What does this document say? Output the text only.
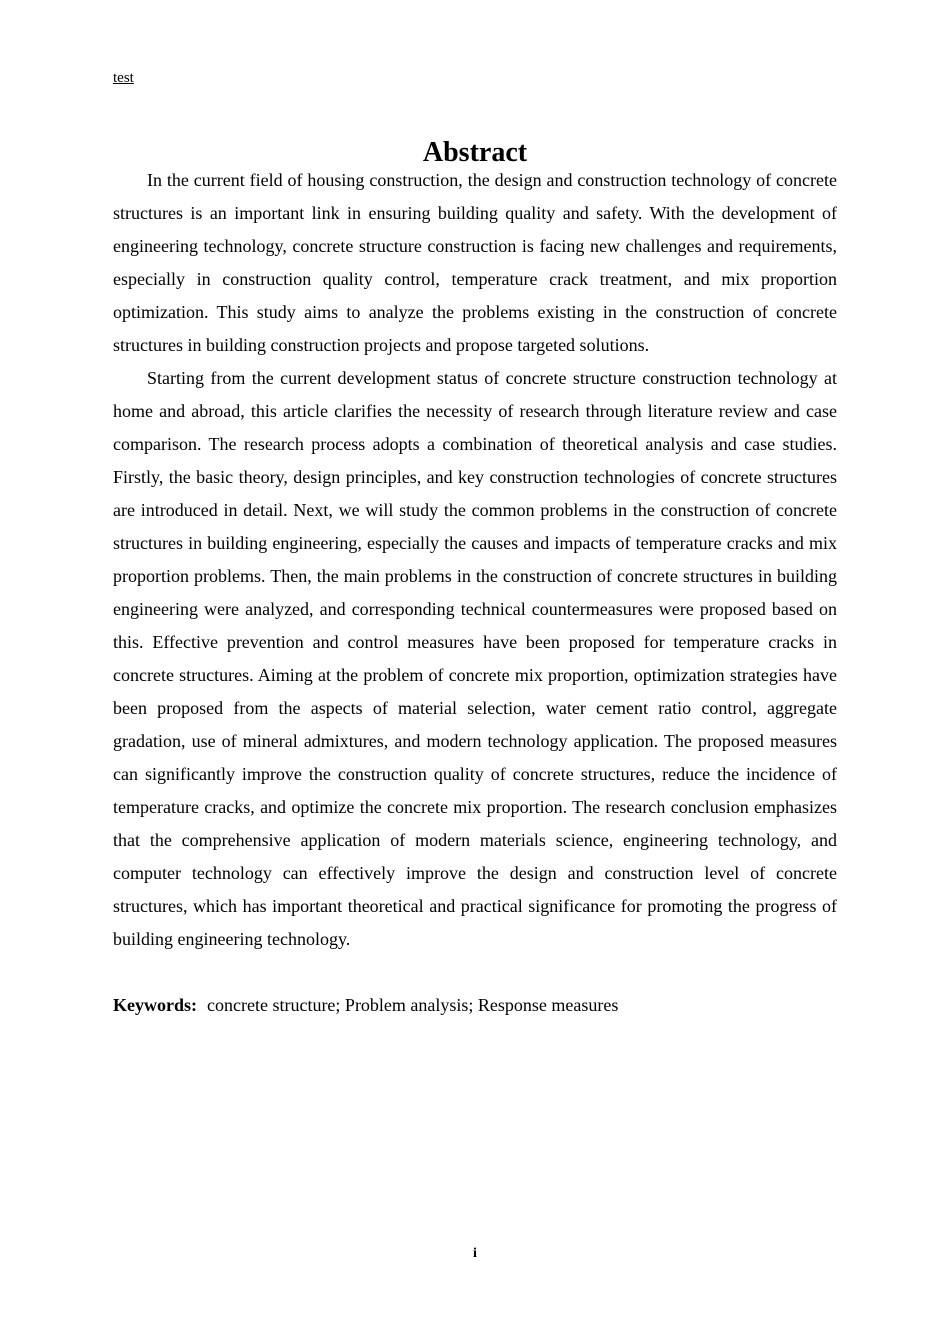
test
Abstract

In the current field of housing construction, the design and construction technology of concrete structures is an important link in ensuring building quality and safety. With the development of engineering technology, concrete structure construction is facing new challenges and requirements, especially in construction quality control, temperature crack treatment, and mix proportion optimization. This study aims to analyze the problems existing in the construction of concrete structures in building construction projects and propose targeted solutions.

Starting from the current development status of concrete structure construction technology at home and abroad, this article clarifies the necessity of research through literature review and case comparison. The research process adopts a combination of theoretical analysis and case studies. Firstly, the basic theory, design principles, and key construction technologies of concrete structures are introduced in detail. Next, we will study the common problems in the construction of concrete structures in building engineering, especially the causes and impacts of temperature cracks and mix proportion problems. Then, the main problems in the construction of concrete structures in building engineering were analyzed, and corresponding technical countermeasures were proposed based on this. Effective prevention and control measures have been proposed for temperature cracks in concrete structures. Aiming at the problem of concrete mix proportion, optimization strategies have been proposed from the aspects of material selection, water cement ratio control, aggregate gradation, use of mineral admixtures, and modern technology application. The proposed measures can significantly improve the construction quality of concrete structures, reduce the incidence of temperature cracks, and optimize the concrete mix proportion. The research conclusion emphasizes that the comprehensive application of modern materials science, engineering technology, and computer technology can effectively improve the design and construction level of concrete structures, which has important theoretical and practical significance for promoting the progress of building engineering technology.

Keywords: concrete structure; Problem analysis; Response measures

i
